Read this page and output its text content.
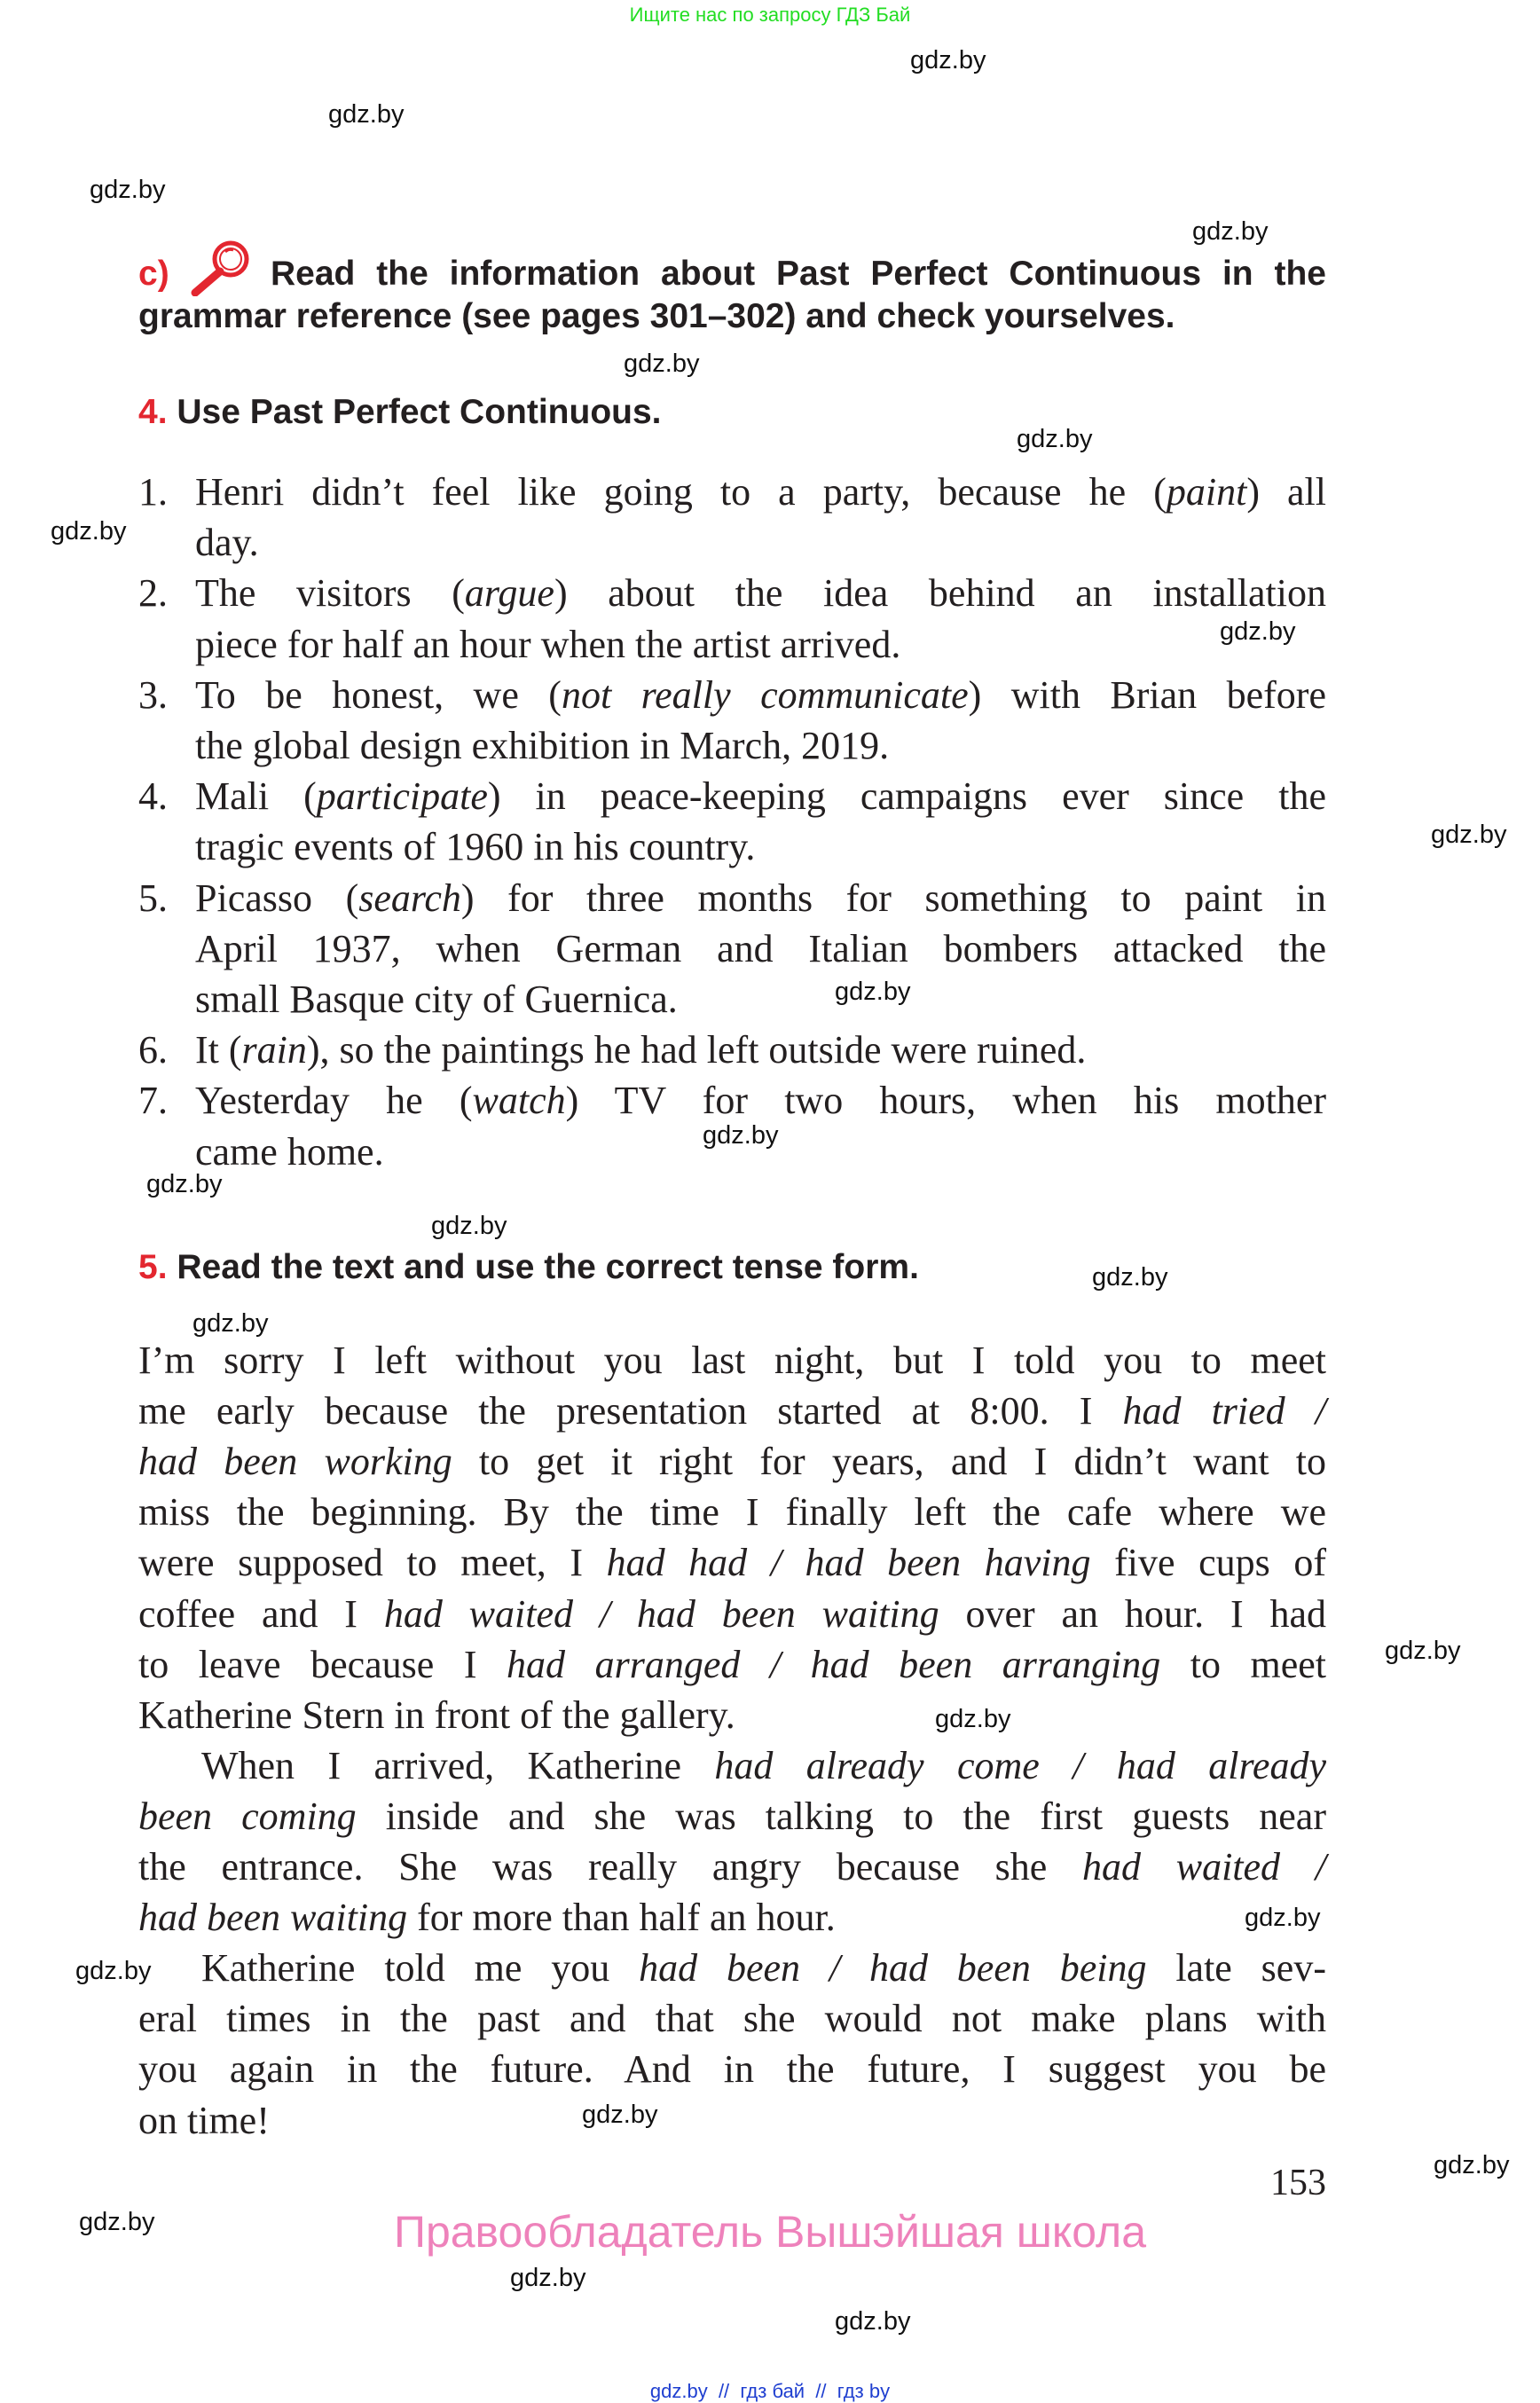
Ищите нас по запросу ГДЗ Бай
gdz.by
gdz.by
gdz.by
gdz.by
gdz.by
gdz.by
gdz.by
gdz.by
gdz.by
gdz.by
gdz.by
gdz.by
gdz.by
gdz.by
gdz.by
gdz.by
gdz.by
gdz.by
gdz.by
gdz.by
gdz.by
gdz.by
gdz.by
gdz.by
c)	Read the information about Past Perfect Continuous in the
grammar reference (see pages 301–302) and check yourselves.
4. Use Past Perfect Continuous.
1. Henri didn’t feel like going to a party, because he (paint) all
day.
2. The visitors (argue) about the idea behind an installation
piece for half an hour when the artist arrived.
3. To be honest, we (not really communicate) with Brian before
the global design exhibition in March, 2019.
4. Mali (participate) in peace-keeping campaigns ever since the
tragic events of 1960 in his country.
5. Picasso (search) for three months for something to paint in
April 1937, when German and Italian bombers attacked the
small Basque city of Guernica.
6. It (rain), so the paintings he had left outside were ruined.
7. Yesterday he (watch) TV for two hours, when his mother
came home.
5. Read the text and use the correct tense form.
I’m sorry I left without you last night, but I told you to meet
me early because the presentation started at 8:00. I had tried /
had been working to get it right for years, and I didn’t want to
miss the beginning. By the time I finally left the cafe where we
were supposed to meet, I had had / had been having five cups of
coffee and I had waited / had been waiting over an hour. I had
to leave because I had arranged / had been arranging to meet
Katherine Stern in front of the gallery.
When I arrived, Katherine had already come / had already
been coming inside and she was talking to the first guests near
the entrance. She was really angry because she had waited /
had been waiting for more than half an hour.
Katherine told me you had been / had been being late sev-
eral times in the past and that she would not make plans with
you again in the future. And in the future, I suggest you be
on time!
153
Правообладатель Вышэйшая школа
gdz.by  //  гдз бай  //  гдз by
